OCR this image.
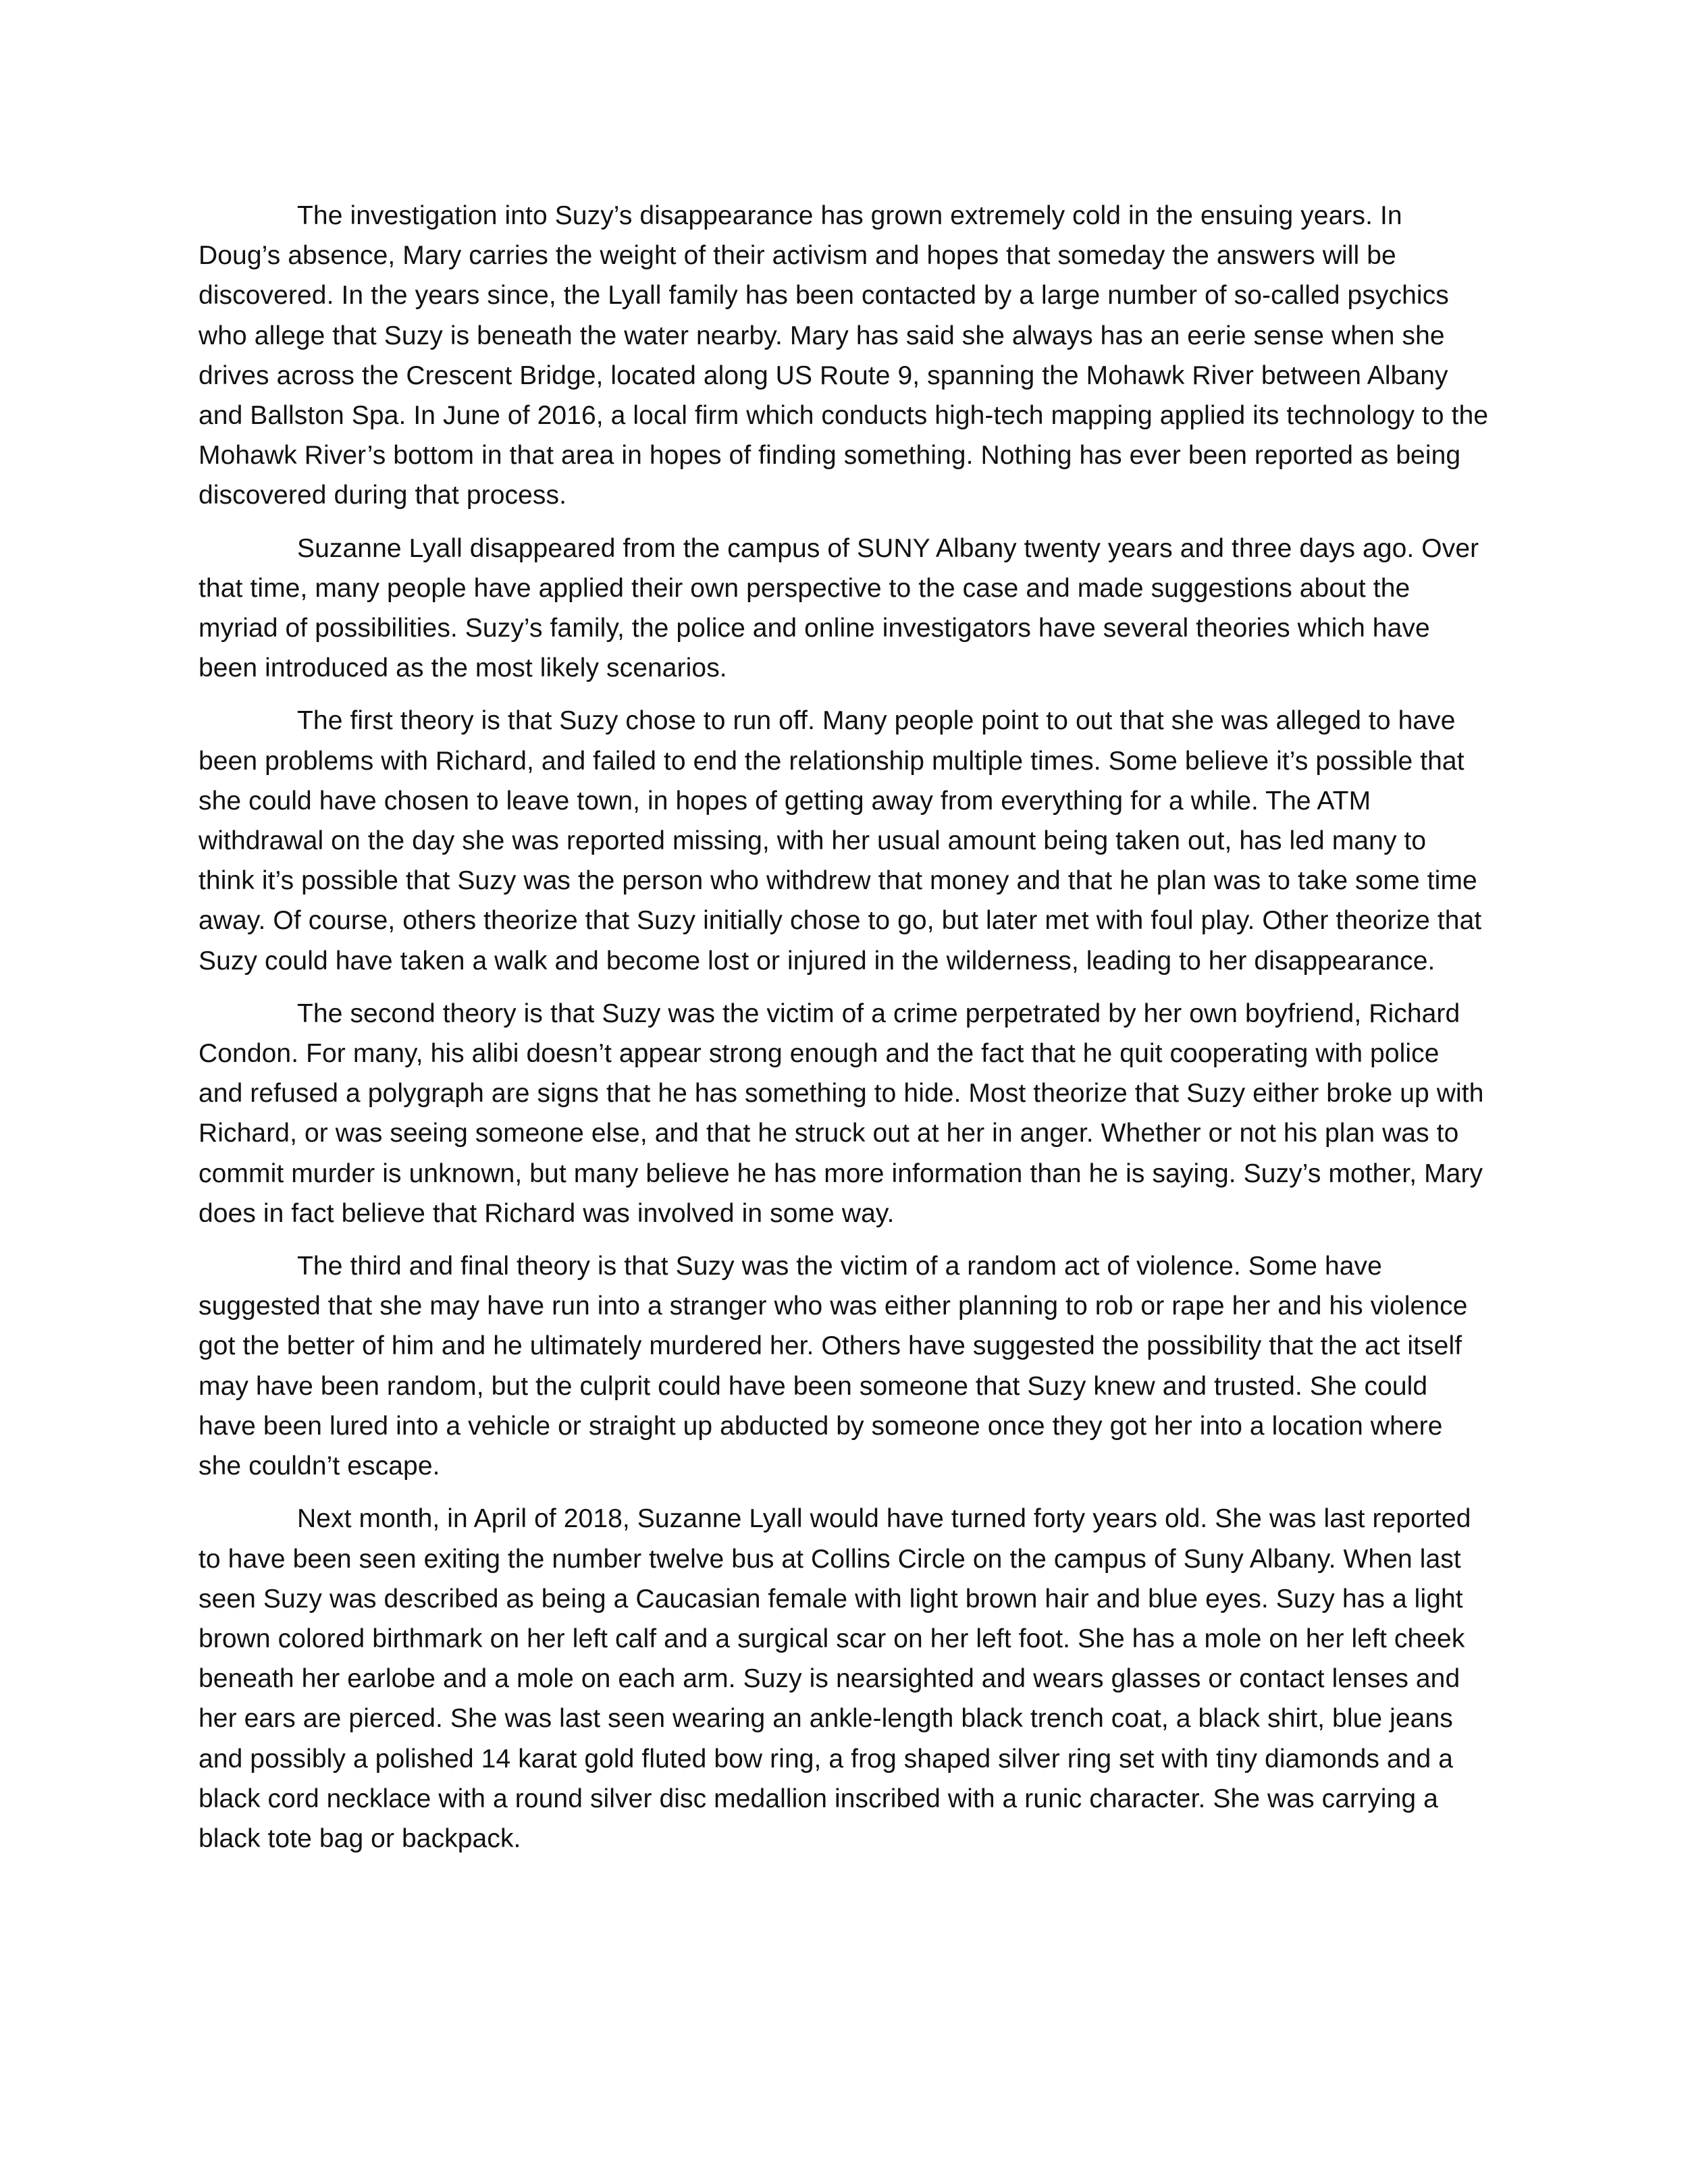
The investigation into Suzy’s disappearance has grown extremely cold in the ensuing years. In Doug’s absence, Mary carries the weight of their activism and hopes that someday the answers will be discovered. In the years since, the Lyall family has been contacted by a large number of so-called psychics who allege that Suzy is beneath the water nearby. Mary has said she always has an eerie sense when she drives across the Crescent Bridge, located along US Route 9, spanning the Mohawk River between Albany and Ballston Spa. In June of 2016, a local firm which conducts high-tech mapping applied its technology to the Mohawk River’s bottom in that area in hopes of finding something. Nothing has ever been reported as being discovered during that process.

Suzanne Lyall disappeared from the campus of SUNY Albany twenty years and three days ago. Over that time, many people have applied their own perspective to the case and made suggestions about the myriad of possibilities. Suzy’s family, the police and online investigators have several theories which have been introduced as the most likely scenarios.

The first theory is that Suzy chose to run off. Many people point to out that she was alleged to have been problems with Richard, and failed to end the relationship multiple times. Some believe it’s possible that she could have chosen to leave town, in hopes of getting away from everything for a while. The ATM withdrawal on the day she was reported missing, with her usual amount being taken out, has led many to think it’s possible that Suzy was the person who withdrew that money and that he plan was to take some time away. Of course, others theorize that Suzy initially chose to go, but later met with foul play. Other theorize that Suzy could have taken a walk and become lost or injured in the wilderness, leading to her disappearance.

The second theory is that Suzy was the victim of a crime perpetrated by her own boyfriend, Richard Condon. For many, his alibi doesn’t appear strong enough and the fact that he quit cooperating with police and refused a polygraph are signs that he has something to hide. Most theorize that Suzy either broke up with Richard, or was seeing someone else, and that he struck out at her in anger. Whether or not his plan was to commit murder is unknown, but many believe he has more information than he is saying. Suzy’s mother, Mary does in fact believe that Richard was involved in some way.

The third and final theory is that Suzy was the victim of a random act of violence. Some have suggested that she may have run into a stranger who was either planning to rob or rape her and his violence got the better of him and he ultimately murdered her. Others have suggested the possibility that the act itself may have been random, but the culprit could have been someone that Suzy knew and trusted. She could have been lured into a vehicle or straight up abducted by someone once they got her into a location where she couldn’t escape.

Next month, in April of 2018, Suzanne Lyall would have turned forty years old. She was last reported to have been seen exiting the number twelve bus at Collins Circle on the campus of Suny Albany. When last seen Suzy was described as being a Caucasian female with light brown hair and blue eyes. Suzy has a light brown colored birthmark on her left calf and a surgical scar on her left foot. She has a mole on her left cheek beneath her earlobe and a mole on each arm. Suzy is nearsighted and wears glasses or contact lenses and her ears are pierced. She was last seen wearing an ankle-length black trench coat, a black shirt, blue jeans and possibly a polished 14 karat gold fluted bow ring, a frog shaped silver ring set with tiny diamonds and a black cord necklace with a round silver disc medallion inscribed with a runic character. She was carrying a black tote bag or backpack.
